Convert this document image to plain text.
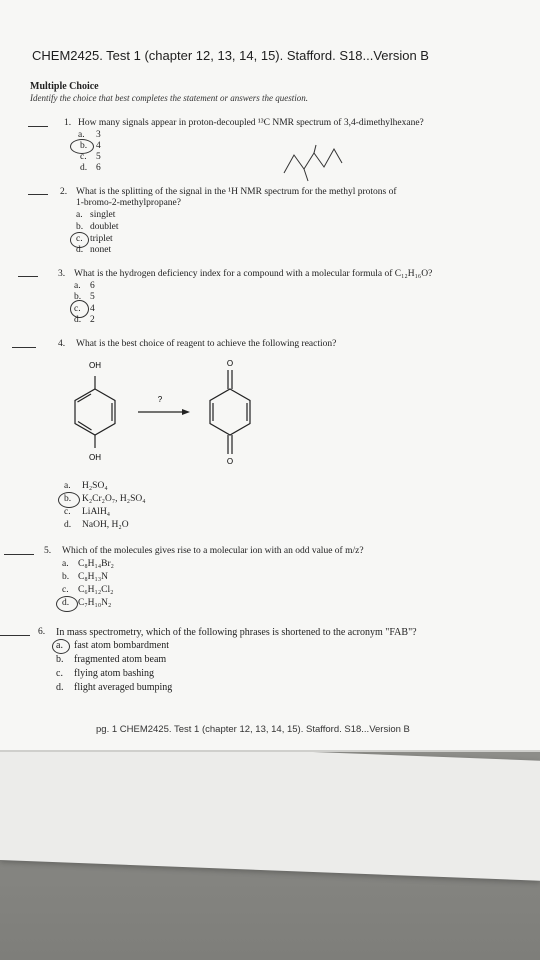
CHEM2425. Test 1 (chapter 12, 13, 14, 15). Stafford. S18...Version B
Multiple Choice
Identify the choice that best completes the statement or answers the question.
1. How many signals appear in proton-decoupled ¹³C NMR spectrum of 3,4-dimethylhexane?
a. 3
b. 4
c. 5
d. 6
2. What is the splitting of the signal in the ¹H NMR spectrum for the methyl protons of
1-bromo-2-methylpropane?
a. singlet
b. doublet
c. triplet
d. nonet
3. What is the hydrogen deficiency index for a compound with a molecular formula of C₁₂H₁₆O?
a. 6
b. 5
c. 4
d. 2
4. What is the best choice of reagent to achieve the following reaction?
OH
OH
?
O
O
a. H₂SO₄
b. K₂Cr₂O₇, H₂SO₄
c. LiAlH₄
d. NaOH, H₂O
5. Which of the molecules gives rise to a molecular ion with an odd value of m/z?
a. C₈H₁₄Br₂
b. C₈H₁₃N
c. C₆H₁₂Cl₂
d. C₇H₁₀N₂
6. In mass spectrometry, which of the following phrases is shortened to the acronym "FAB"?
a. fast atom bombardment
b. fragmented atom beam
c. flying atom bashing
d. flight averaged bumping
pg. 1 CHEM2425. Test 1 (chapter 12, 13, 14, 15). Stafford. S18...Version B
